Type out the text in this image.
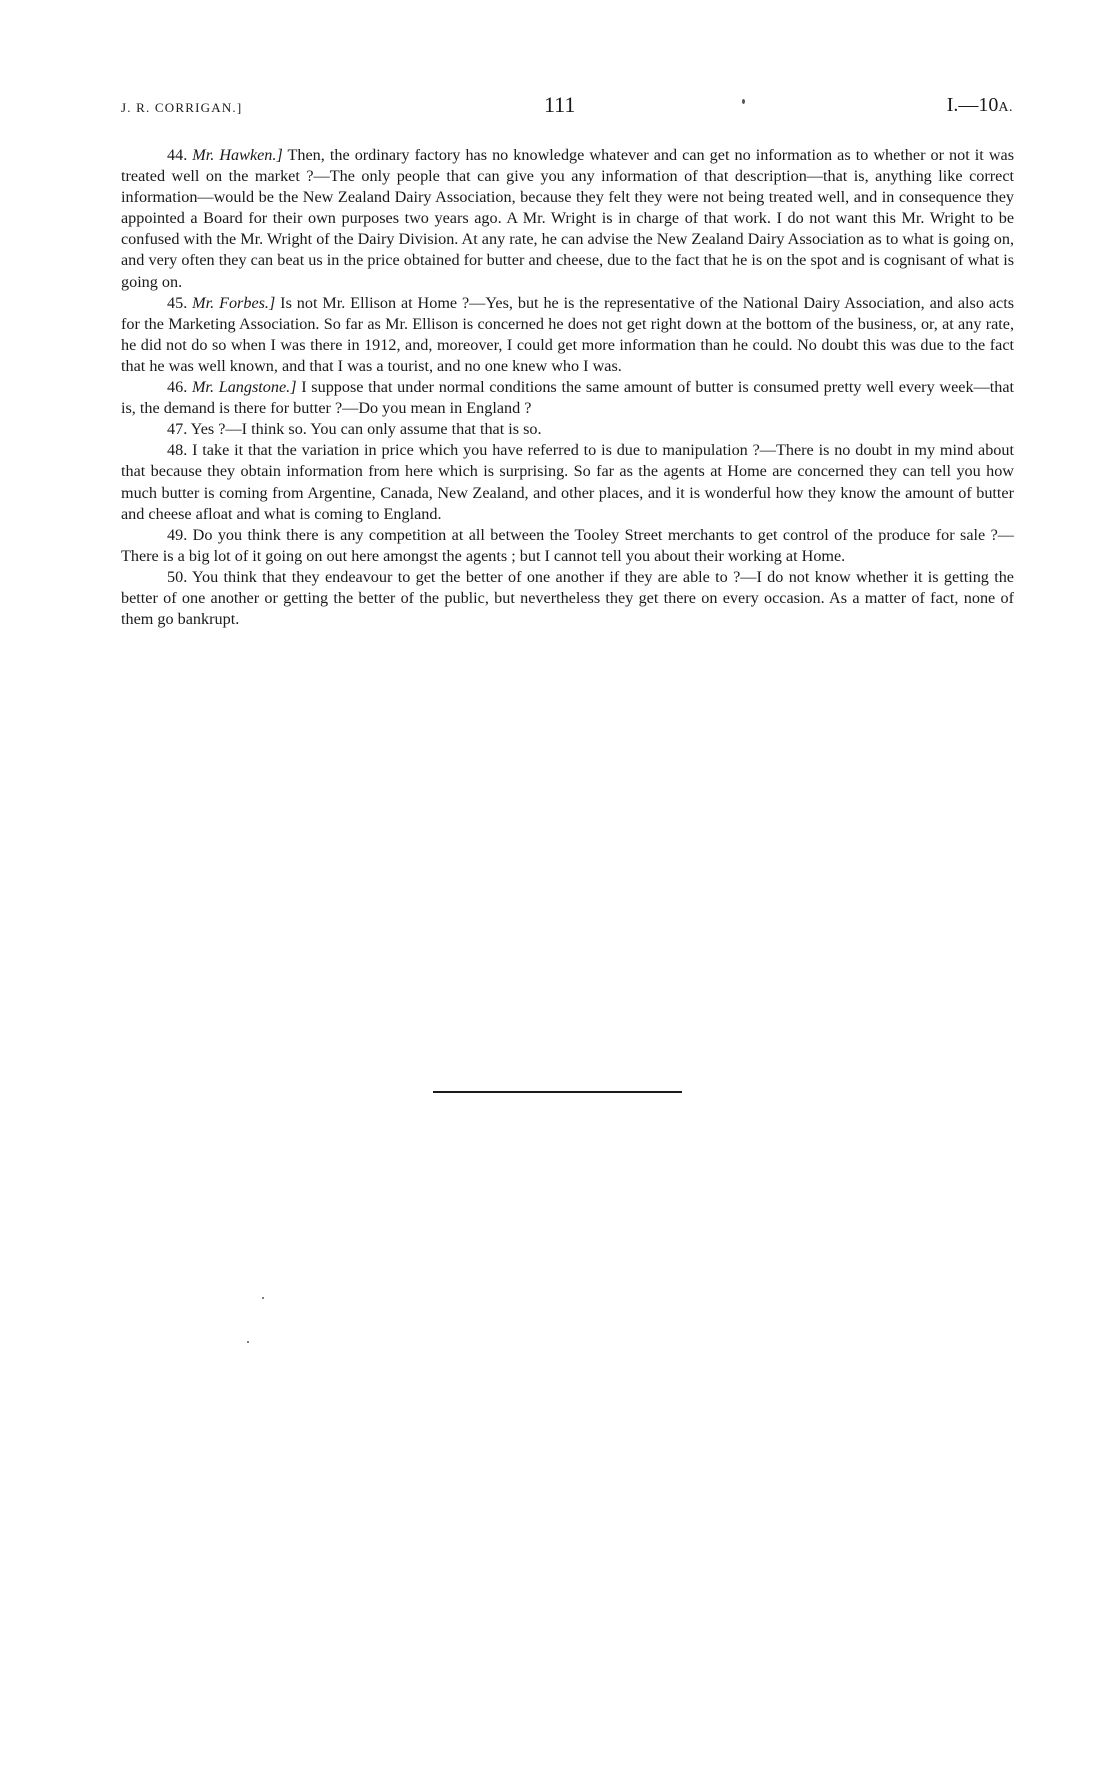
J. R. CORRIGAN.]	111	I.—10A.

44. Mr. Hawken.] Then, the ordinary factory has no knowledge whatever and can get no information as to whether or not it was treated well on the market ?—The only people that can give you any information of that description—that is, anything like correct information—would be the New Zealand Dairy Association, because they felt they were not being treated well, and in consequence they appointed a Board for their own purposes two years ago. A Mr. Wright is in charge of that work. I do not want this Mr. Wright to be confused with the Mr. Wright of the Dairy Division. At any rate, he can advise the New Zealand Dairy Association as to what is going on, and very often they can beat us in the price obtained for butter and cheese, due to the fact that he is on the spot and is cognisant of what is going on.

45. Mr. Forbes.] Is not Mr. Ellison at Home ?—Yes, but he is the representative of the National Dairy Association, and also acts for the Marketing Association. So far as Mr. Ellison is concerned he does not get right down at the bottom of the business, or, at any rate, he did not do so when I was there in 1912, and, moreover, I could get more information than he could. No doubt this was due to the fact that he was well known, and that I was a tourist, and no one knew who I was.

46. Mr. Langstone.] I suppose that under normal conditions the same amount of butter is consumed pretty well every week—that is, the demand is there for butter ?—Do you mean in England ?

47. Yes ?—I think so. You can only assume that that is so.

48. I take it that the variation in price which you have referred to is due to manipulation ?—There is no doubt in my mind about that because they obtain information from here which is surprising. So far as the agents at Home are concerned they can tell you how much butter is coming from Argentine, Canada, New Zealand, and other places, and it is wonderful how they know the amount of butter and cheese afloat and what is coming to England.

49. Do you think there is any competition at all between the Tooley Street merchants to get control of the produce for sale ?—There is a big lot of it going on out here amongst the agents ; but I cannot tell you about their working at Home.

50. You think that they endeavour to get the better of one another if they are able to ?—I do not know whether it is getting the better of one another or getting the better of the public, but nevertheless they get there on every occasion. As a matter of fact, none of them go bankrupt.
